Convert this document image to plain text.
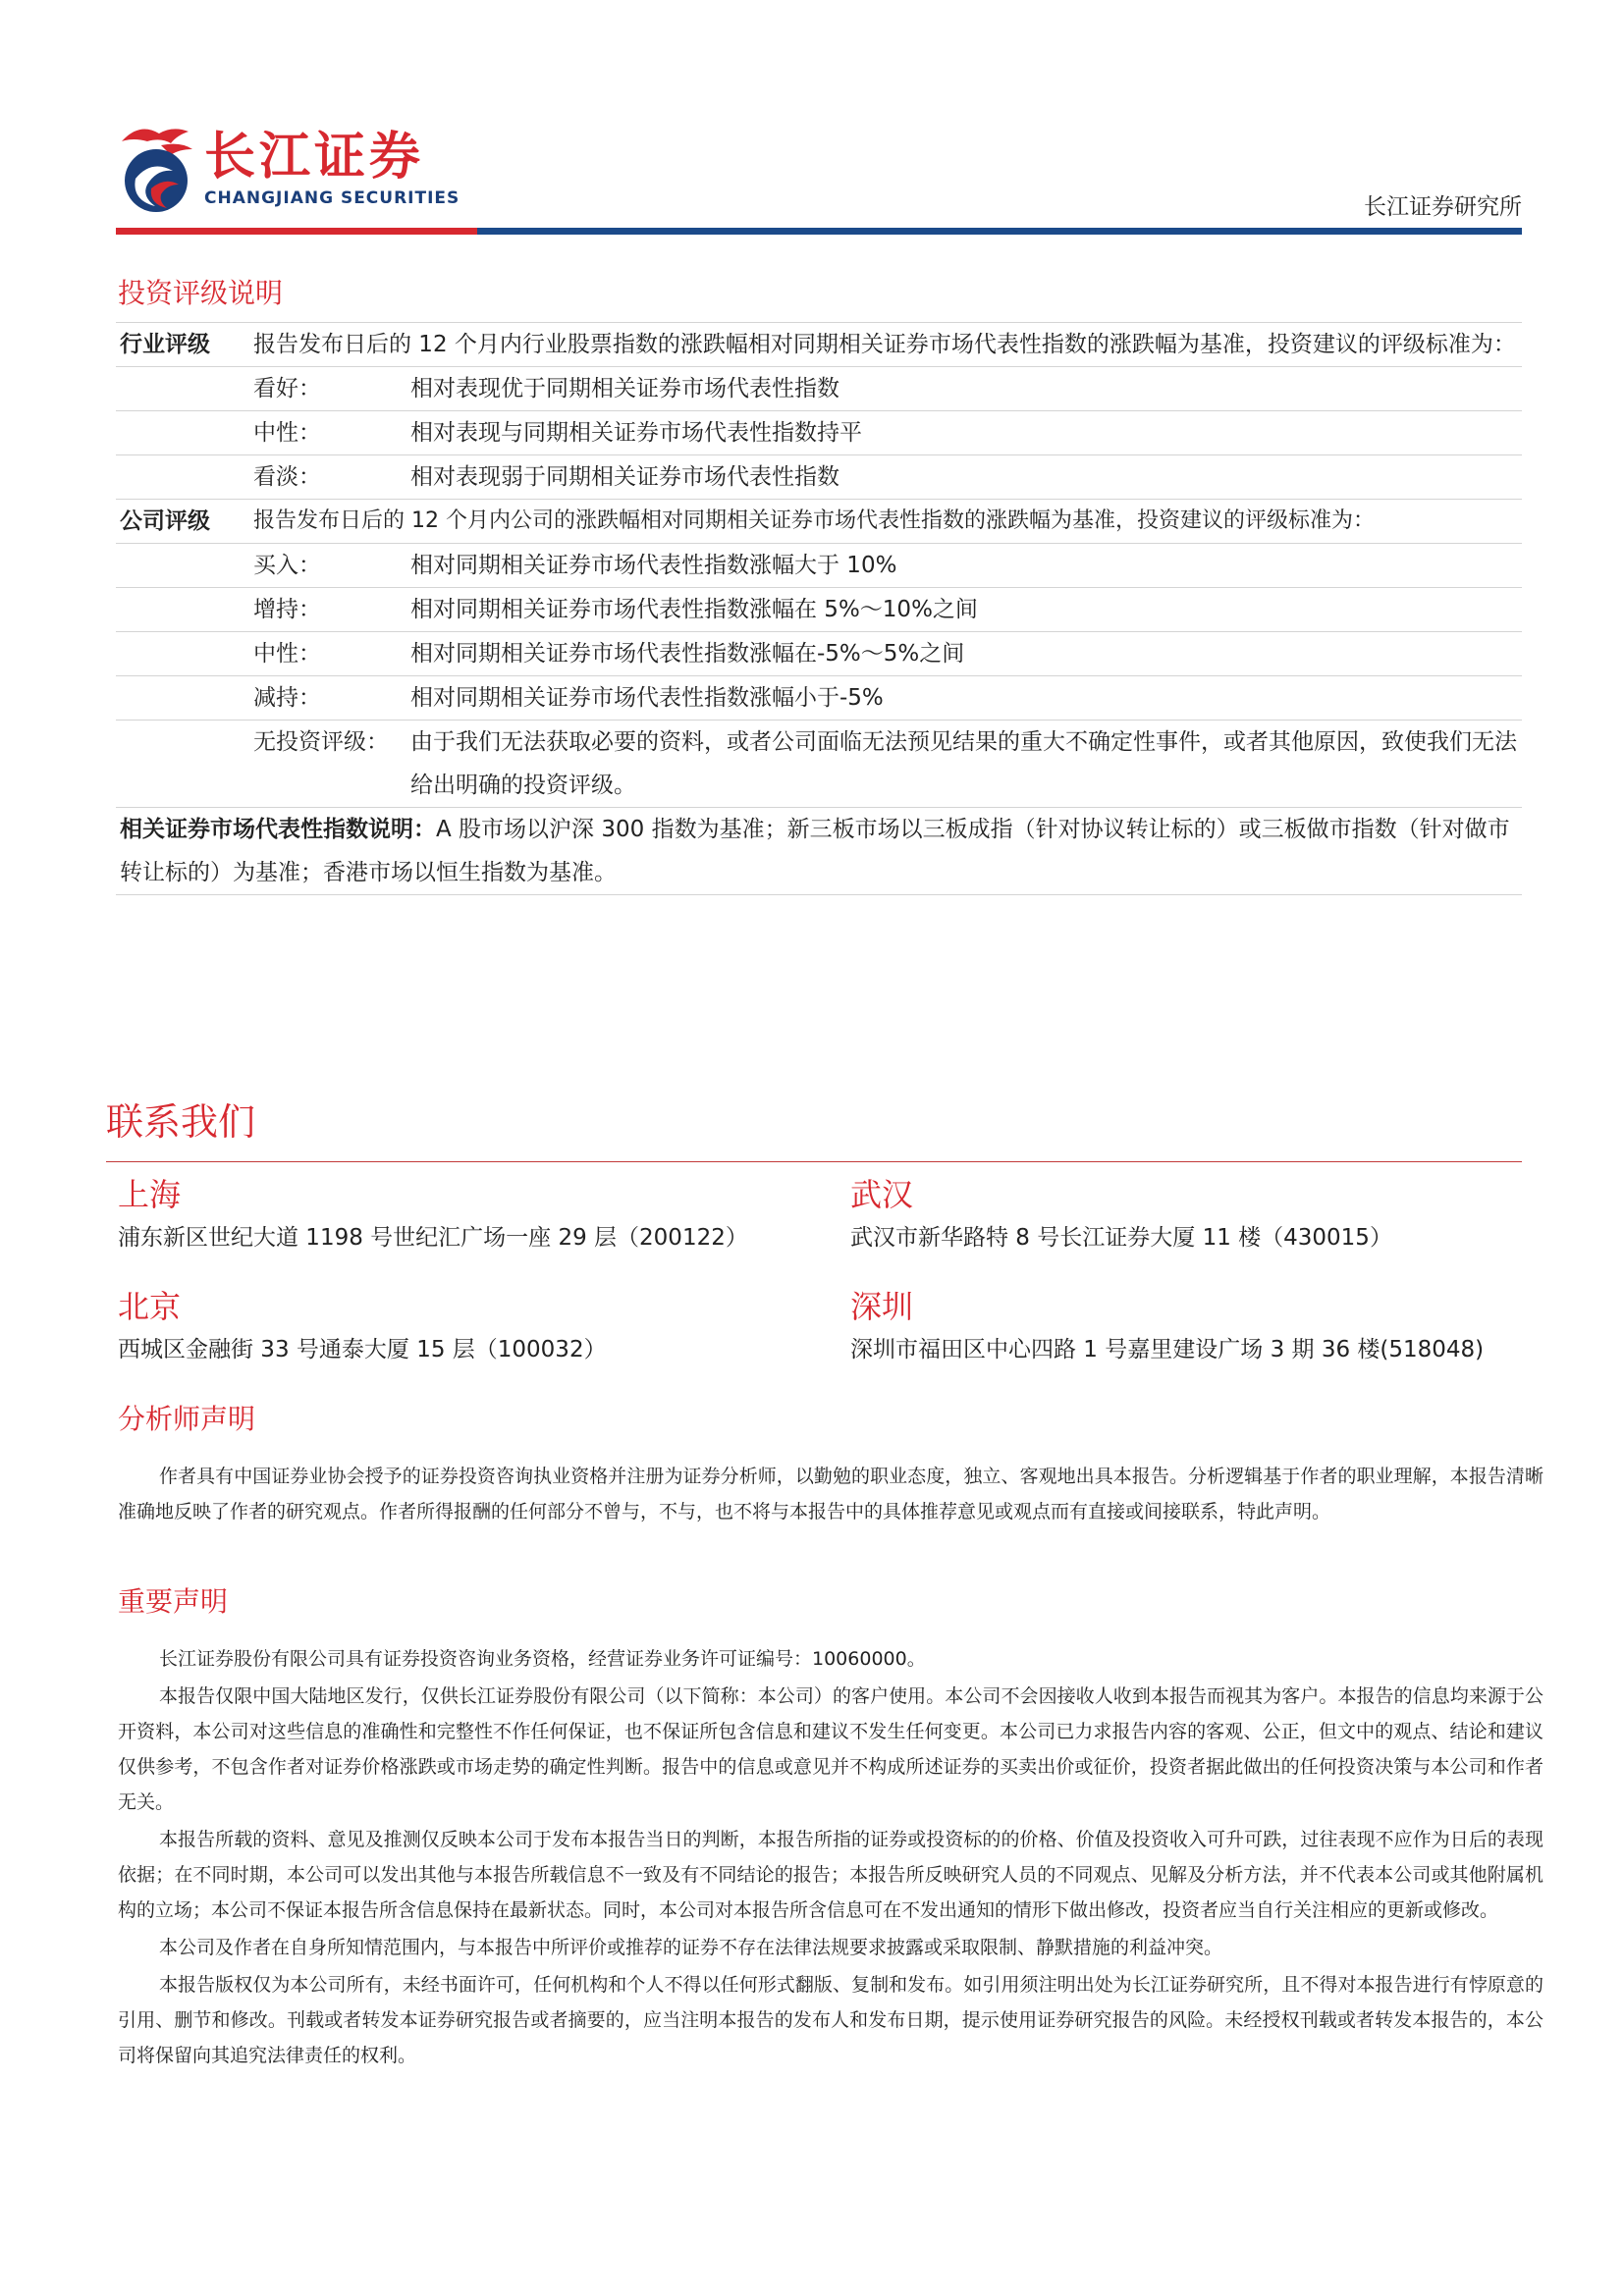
长江证券
CHANGJIANG SECURITIES	长江证券研究所
投资评级说明
行业评级 报告发布日后的 12 个月内行业股票指数的涨跌幅相对同期相关证券市场代表性指数的涨跌幅为基准，投资建议的评级标准为：
看好：	相对表现优于同期相关证券市场代表性指数
中性：	相对表现与同期相关证券市场代表性指数持平
看淡：	相对表现弱于同期相关证券市场代表性指数
公司评级 报告发布日后的 12 个月内公司的涨跌幅相对同期相关证券市场代表性指数的涨跌幅为基准，投资建议的评级标准为：
买入：	相对同期相关证券市场代表性指数涨幅大于 10%
增持：	相对同期相关证券市场代表性指数涨幅在 5%～10%之间
中性：	相对同期相关证券市场代表性指数涨幅在-5%～5%之间
减持：	相对同期相关证券市场代表性指数涨幅小于-5%
无投资评级： 由于我们无法获取必要的资料，或者公司面临无法预见结果的重大不确定性事件，或者其他原因，致使我们无法给出明确的投资评级。
相关证券市场代表性指数说明：A 股市场以沪深 300 指数为基准；新三板市场以三板成指（针对协议转让标的）或三板做市指数（针对做市转让标的）为基准；香港市场以恒生指数为基准。
联系我们
上海
浦东新区世纪大道 1198 号世纪汇广场一座 29 层（200122）
武汉
武汉市新华路特 8 号长江证券大厦 11 楼（430015）
北京
西城区金融街 33 号通泰大厦 15 层（100032）
深圳
深圳市福田区中心四路 1 号嘉里建设广场 3 期 36 楼(518048)
分析师声明

作者具有中国证券业协会授予的证券投资咨询执业资格并注册为证券分析师，以勤勉的职业态度，独立、客观地出具本报告。分析逻辑基于作者的职业理解，本报告清晰准确地反映了作者的研究观点。作者所得报酬的任何部分不曾与，不与，也不将与本报告中的具体推荐意见或观点而有直接或间接联系，特此声明。

重要声明

长江证券股份有限公司具有证券投资咨询业务资格，经营证券业务许可证编号：10060000。

本报告仅限中国大陆地区发行，仅供长江证券股份有限公司（以下简称：本公司）的客户使用。本公司不会因接收人收到本报告而视其为客户。本报告的信息均来源于公开资料，本公司对这些信息的准确性和完整性不作任何保证，也不保证所包含信息和建议不发生任何变更。本公司已力求报告内容的客观、公正，但文中的观点、结论和建议仅供参考，不包含作者对证券价格涨跌或市场走势的确定性判断。报告中的信息或意见并不构成所述证券的买卖出价或征价，投资者据此做出的任何投资决策与本公司和作者无关。

本报告所载的资料、意见及推测仅反映本公司于发布本报告当日的判断，本报告所指的证券或投资标的的价格、价值及投资收入可升可跌，过往表现不应作为日后的表现依据；在不同时期，本公司可以发出其他与本报告所载信息不一致及有不同结论的报告；本报告所反映研究人员的不同观点、见解及分析方法，并不代表本公司或其他附属机构的立场；本公司不保证本报告所含信息保持在最新状态。同时，本公司对本报告所含信息可在不发出通知的情形下做出修改，投资者应当自行关注相应的更新或修改。

本公司及作者在自身所知情范围内，与本报告中所评价或推荐的证券不存在法律法规要求披露或采取限制、静默措施的利益冲突。

本报告版权仅为本公司所有，未经书面许可，任何机构和个人不得以任何形式翻版、复制和发布。如引用须注明出处为长江证券研究所，且不得对本报告进行有悖原意的引用、删节和修改。刊载或者转发本证券研究报告或者摘要的，应当注明本报告的发布人和发布日期，提示使用证券研究报告的风险。未经授权刊载或者转发本报告的，本公司将保留向其追究法律责任的权利。
